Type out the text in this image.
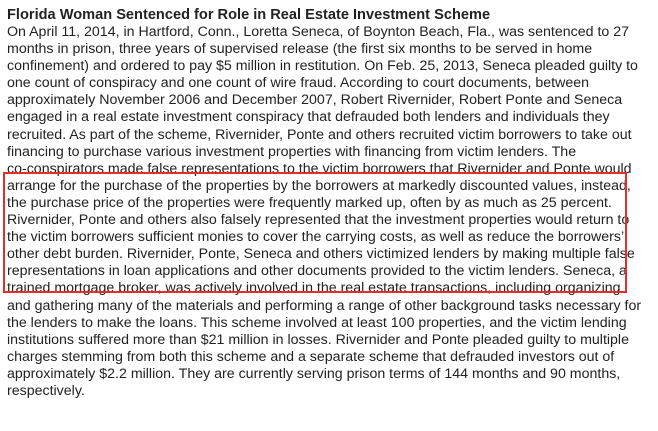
Florida Woman Sentenced for Role in Real Estate Investment Scheme
On April 11, 2014, in Hartford, Conn., Loretta Seneca, of Boynton Beach, Fla., was sentenced to 27
months in prison, three years of supervised release (the first six months to be served in home
confinement) and ordered to pay $5 million in restitution. On Feb. 25, 2013, Seneca pleaded guilty to
one count of conspiracy and one count of wire fraud. According to court documents, between
approximately November 2006 and December 2007, Robert Rivernider, Robert Ponte and Seneca
engaged in a real estate investment conspiracy that defrauded both lenders and individuals they
recruited. As part of the scheme, Rivernider, Ponte and others recruited victim borrowers to take out
financing to purchase various investment properties with financing from victim lenders. The
co-conspirators made false representations to the victim borrowers that Rivernider and Ponte would
arrange for the purchase of the properties by the borrowers at markedly discounted values, instead,
the purchase price of the properties were frequently marked up, often by as much as 25 percent.
Rivernider, Ponte and others also falsely represented that the investment properties would return to
the victim borrowers sufficient monies to cover the carrying costs, as well as reduce the borrowers’
other debt burden. Rivernider, Ponte, Seneca and others victimized lenders by making multiple false
representations in loan applications and other documents provided to the victim lenders. Seneca, a
trained mortgage broker, was actively involved in the real estate transactions, including organizing
and gathering many of the materials and performing a range of other background tasks necessary for
the lenders to make the loans. This scheme involved at least 100 properties, and the victim lending
institutions suffered more than $21 million in losses. Rivernider and Ponte pleaded guilty to multiple
charges stemming from both this scheme and a separate scheme that defrauded investors out of
approximately $2.2 million. They are currently serving prison terms of 144 months and 90 months,
respectively.
